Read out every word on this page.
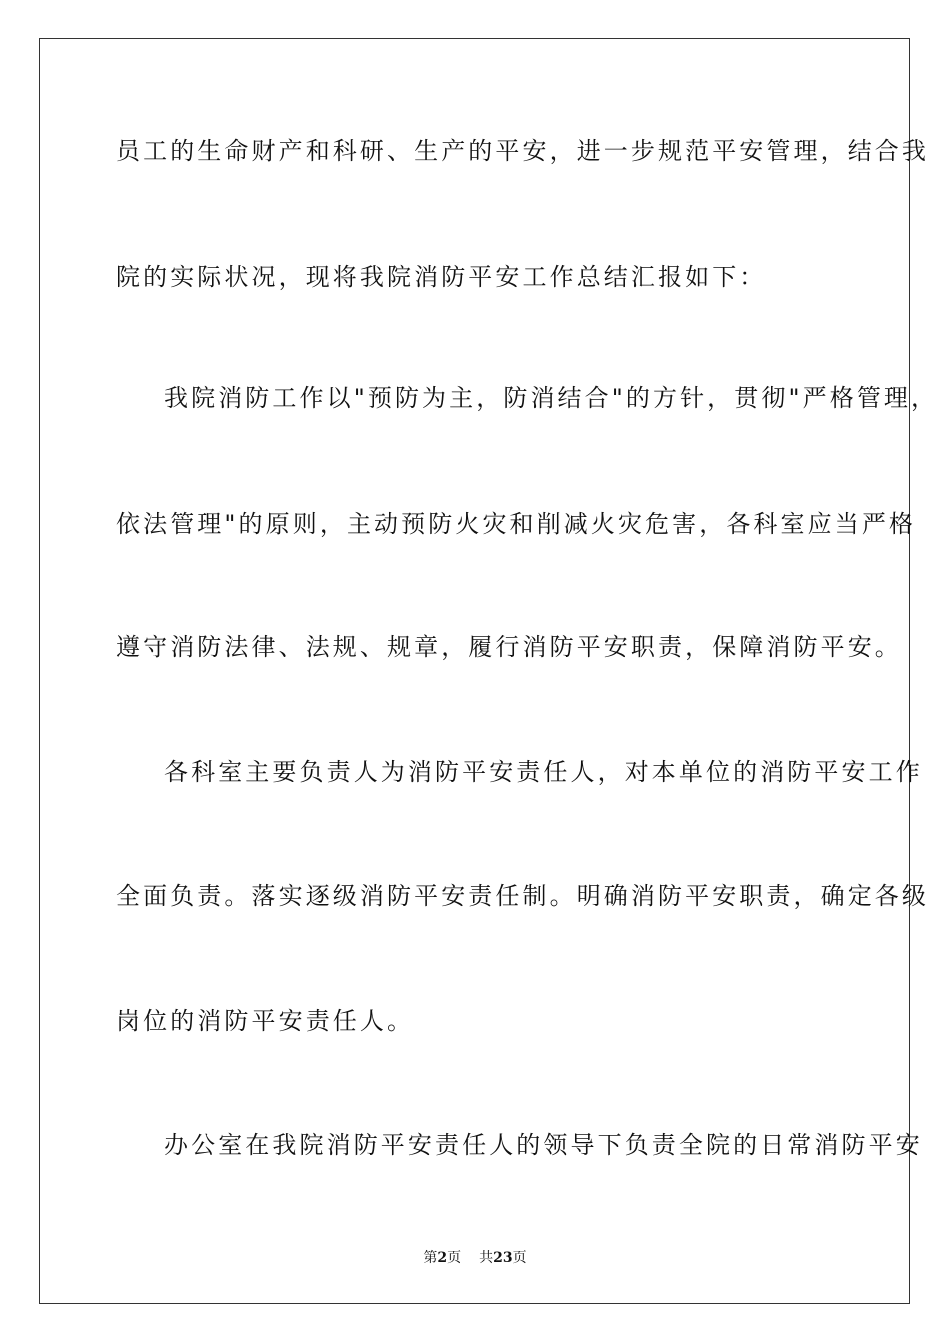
员工的生命财产和科研、生产的平安，进一步规范平安管理，结合我
院的实际状况，现将我院消防平安工作总结汇报如下：
我院消防工作以"预防为主，防消结合"的方针，贯彻"严格管理，
依法管理"的原则，主动预防火灾和削减火灾危害，各科室应当严格
遵守消防法律、法规、规章，履行消防平安职责，保障消防平安。
各科室主要负责人为消防平安责任人，对本单位的消防平安工作
全面负责。落实逐级消防平安责任制。明确消防平安职责，确定各级
岗位的消防平安责任人。
办公室在我院消防平安责任人的领导下负责全院的日常消防平安
第2页 共23页
